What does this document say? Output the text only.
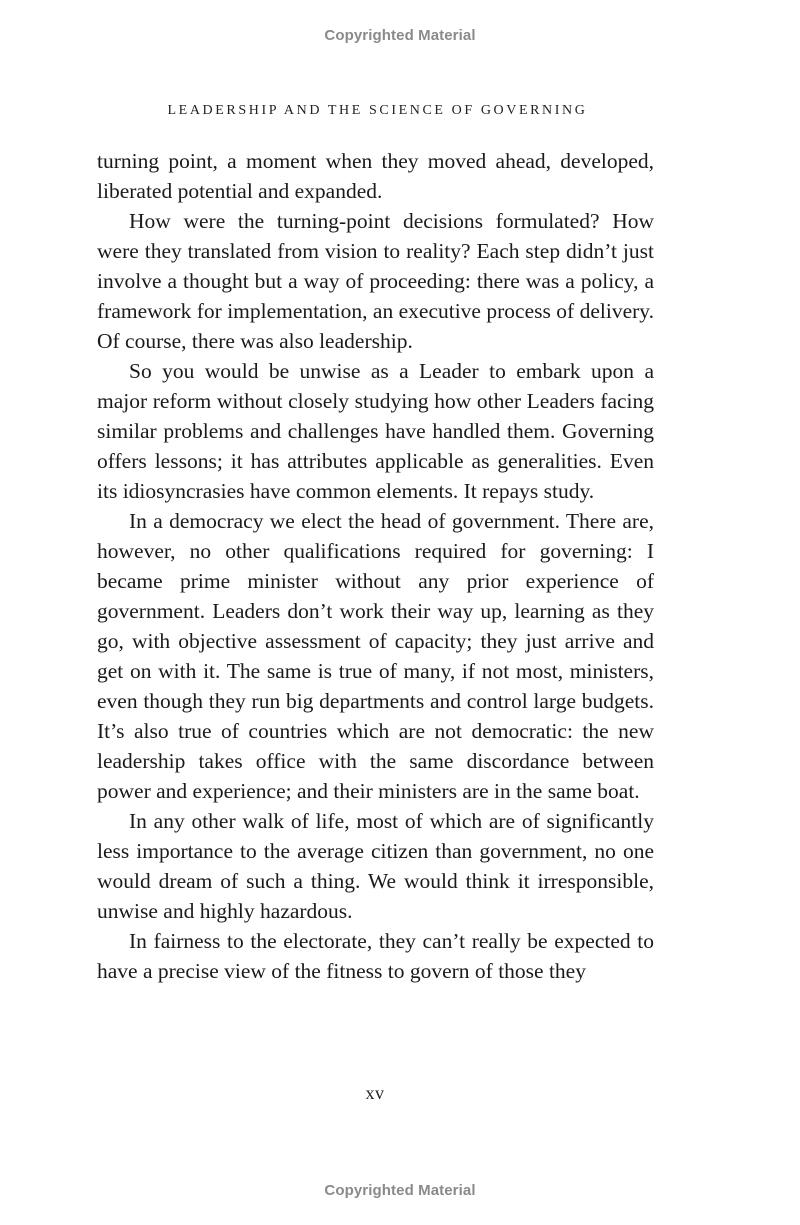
Copyrighted Material
LEADERSHIP AND THE SCIENCE OF GOVERNING

turning point, a moment when they moved ahead, developed, liberated potential and expanded.

How were the turning-point decisions formulated? How were they translated from vision to reality? Each step didn’t just involve a thought but a way of proceeding: there was a policy, a framework for implementation, an executive process of delivery. Of course, there was also leadership.

So you would be unwise as a Leader to embark upon a major reform without closely studying how other Leaders facing similar problems and challenges have handled them. Governing offers lessons; it has attributes applicable as generalities. Even its idiosyncrasies have common elements. It repays study.

In a democracy we elect the head of government. There are, however, no other qualifications required for governing: I became prime minister without any prior experience of government. Leaders don’t work their way up, learning as they go, with objective assessment of capacity; they just arrive and get on with it. The same is true of many, if not most, ministers, even though they run big departments and control large budgets. It’s also true of countries which are not democratic: the new leadership takes office with the same discordance between power and experience; and their ministers are in the same boat.

In any other walk of life, most of which are of significantly less importance to the average citizen than government, no one would dream of such a thing. We would think it irresponsible, unwise and highly hazardous.

In fairness to the electorate, they can’t really be expected to have a precise view of the fitness to govern of those they

xv
Copyrighted Material
